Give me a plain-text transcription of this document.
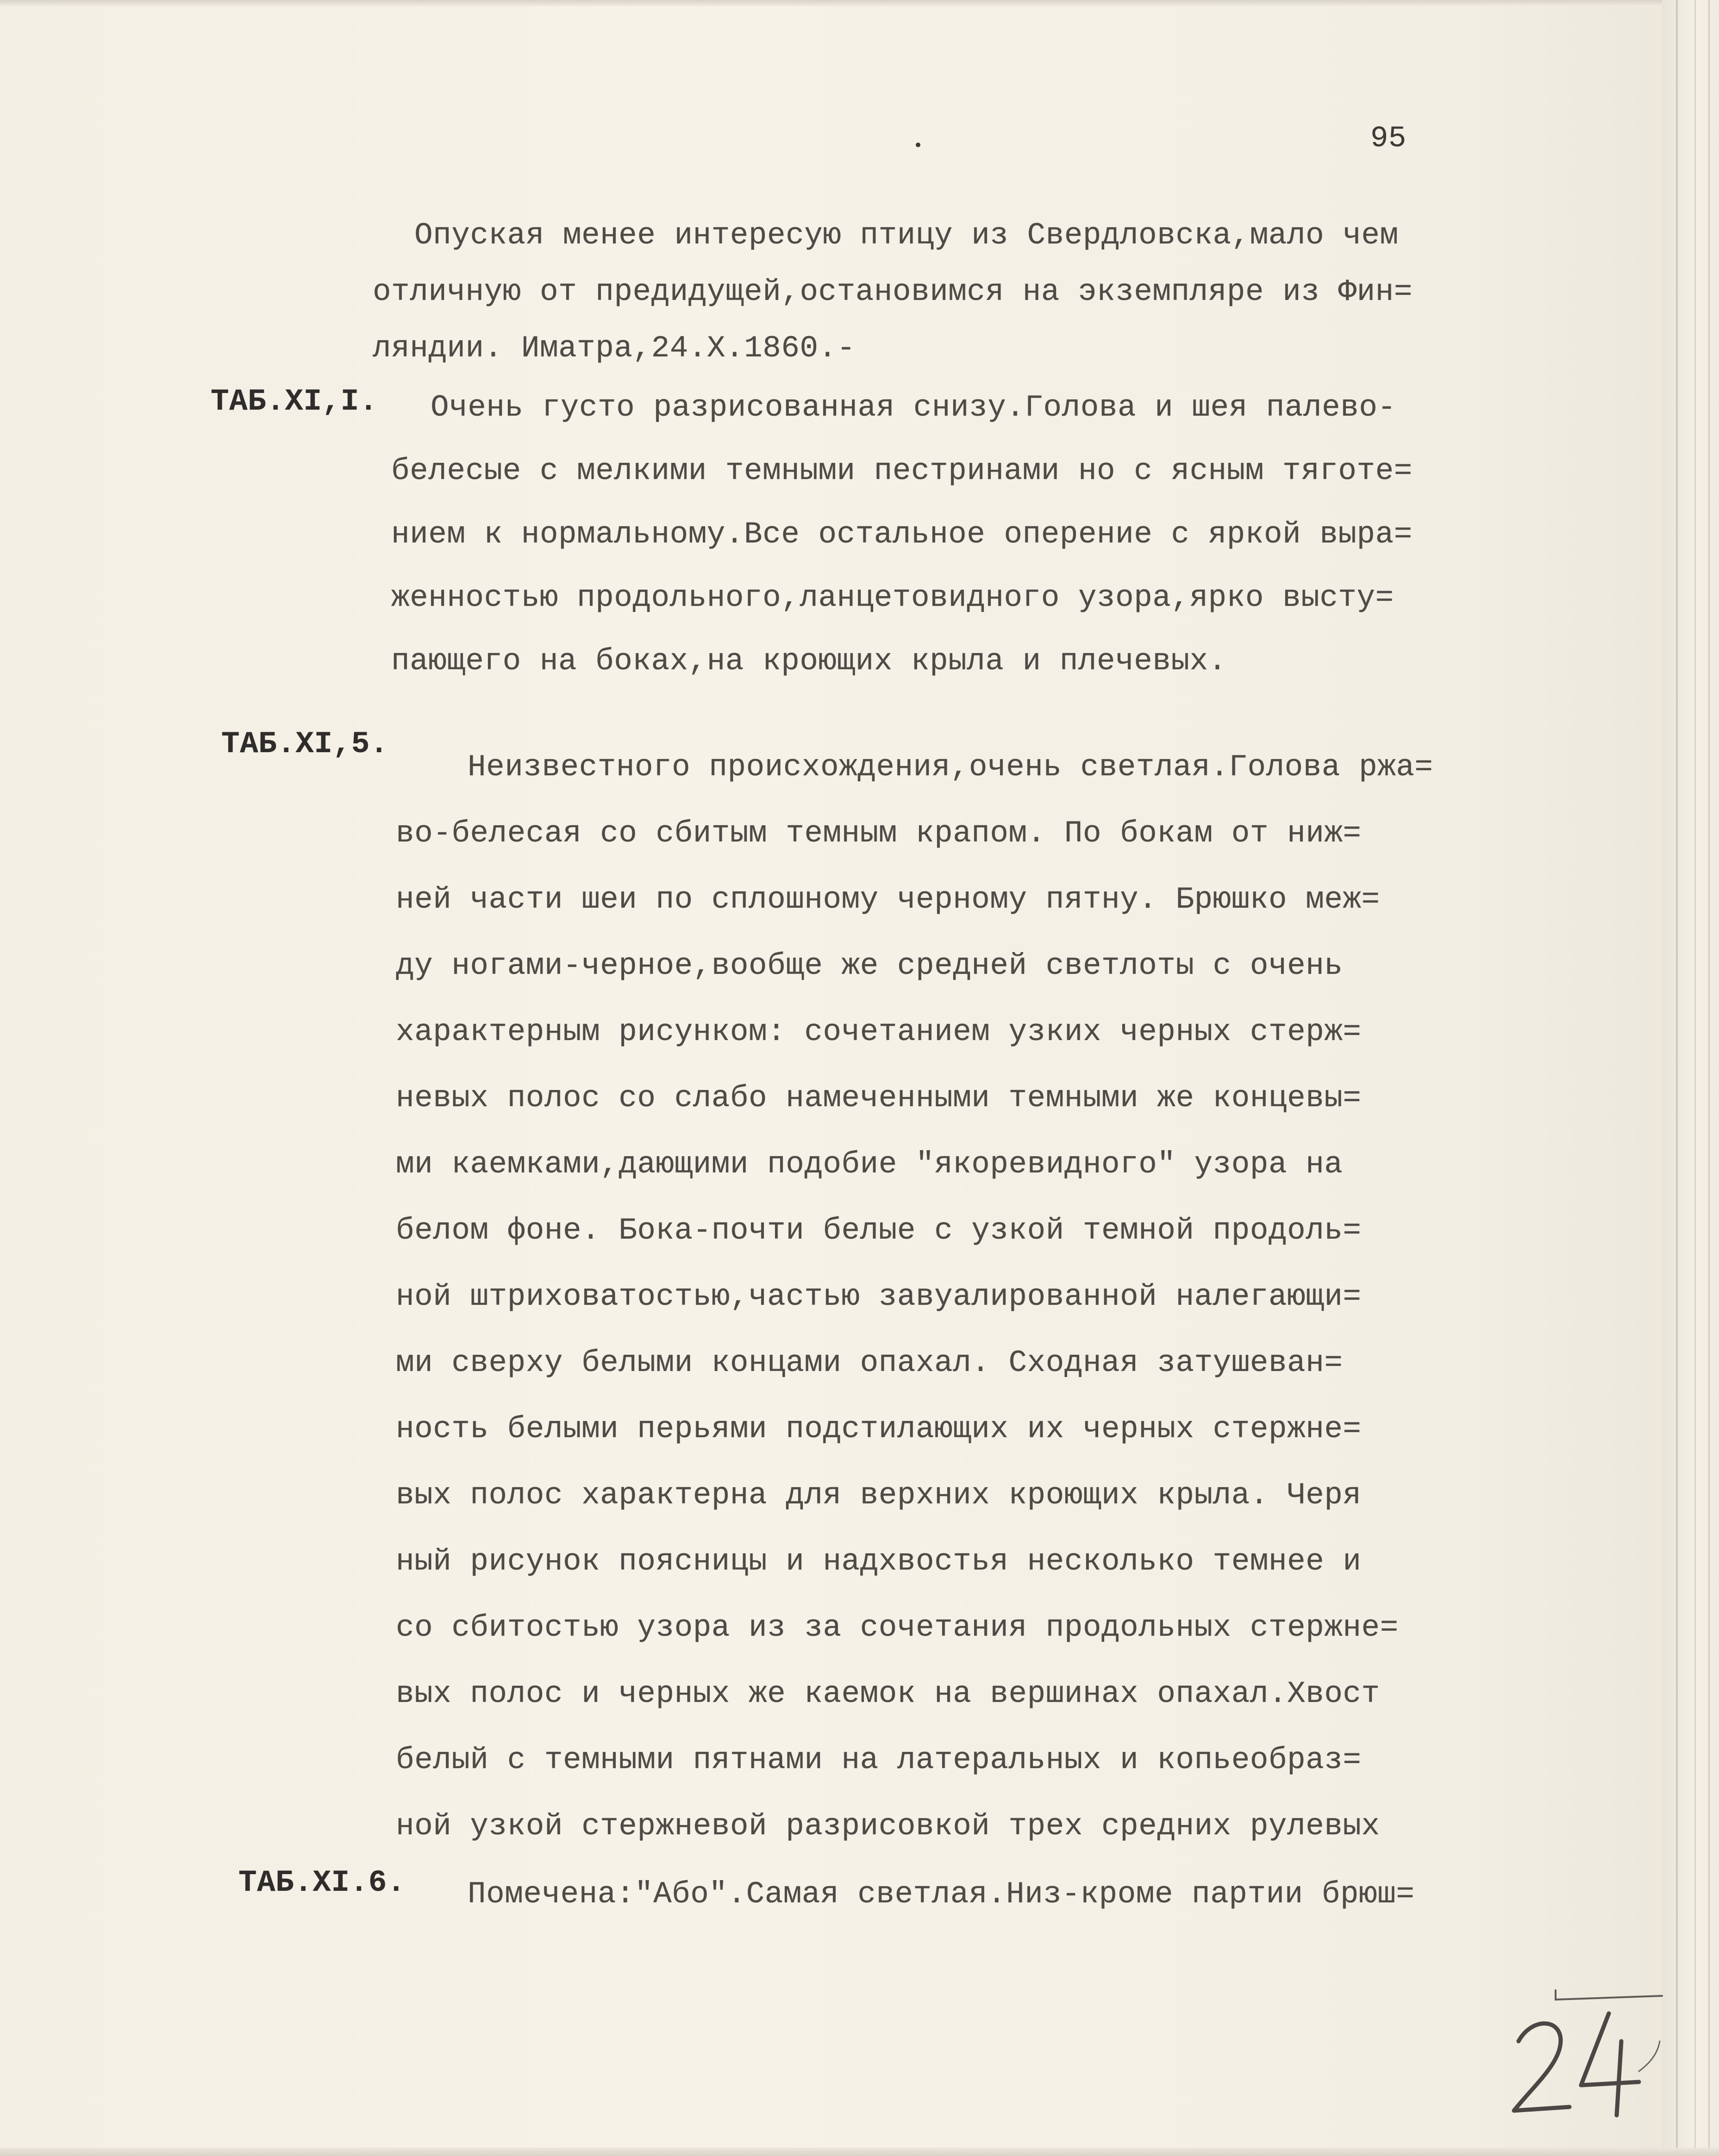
95
Опуская менее интересую птицу из Свердловска,мало чем
отличную от предидущей,остановимся на экземпляре из Фин=
ляндии. Иматра,24.Х.1860.-
ТАБ.XI,I. Очень густо разрисованная снизу.Голова и шея палево-
белесые с мелкими темными пестринами но с ясным тяготе=
нием к нормальному.Все остальное оперение с яркой выра=
женностью продольного,ланцетовидного узора,ярко высту=
пающего на боках,на кроющих крыла и плечевых.
ТАБ.XI,5.
Неизвестного происхождения,очень светлая.Голова ржа=
во-белесая со сбитым темным крапом. По бокам от ниж=
ней части шеи по сплошному черному пятну. Брюшко меж=
ду ногами-черное,вообще же средней светлоты с очень
характерным рисунком: сочетанием узких черных стерж=
невых полос со слабо намеченными темными же концевы=
ми каемками,дающими подобие "якоревидного" узора на
белом фоне. Бока-почти белые с узкой темной продоль=
ной штриховатостью,частью завуалированной налегающи=
ми сверху белыми концами опахал. Сходная затушеван=
ность белыми перьями подстилающих их черных стержне=
вых полос характерна для верхних кроющих крыла. Черя
ный рисунок поясницы и надхвостья несколько темнее и
со сбитостью узора из за сочетания продольных стержне=
вых полос и черных же каемок на вершинах опахал.Хвост
белый с темными пятнами на латеральных и копьеобраз=
ной узкой стержневой разрисовкой трех средних рулевых
ТАБ.XI.6. Помечена:"Або".Самая светлая.Низ-кроме партии брюш=
